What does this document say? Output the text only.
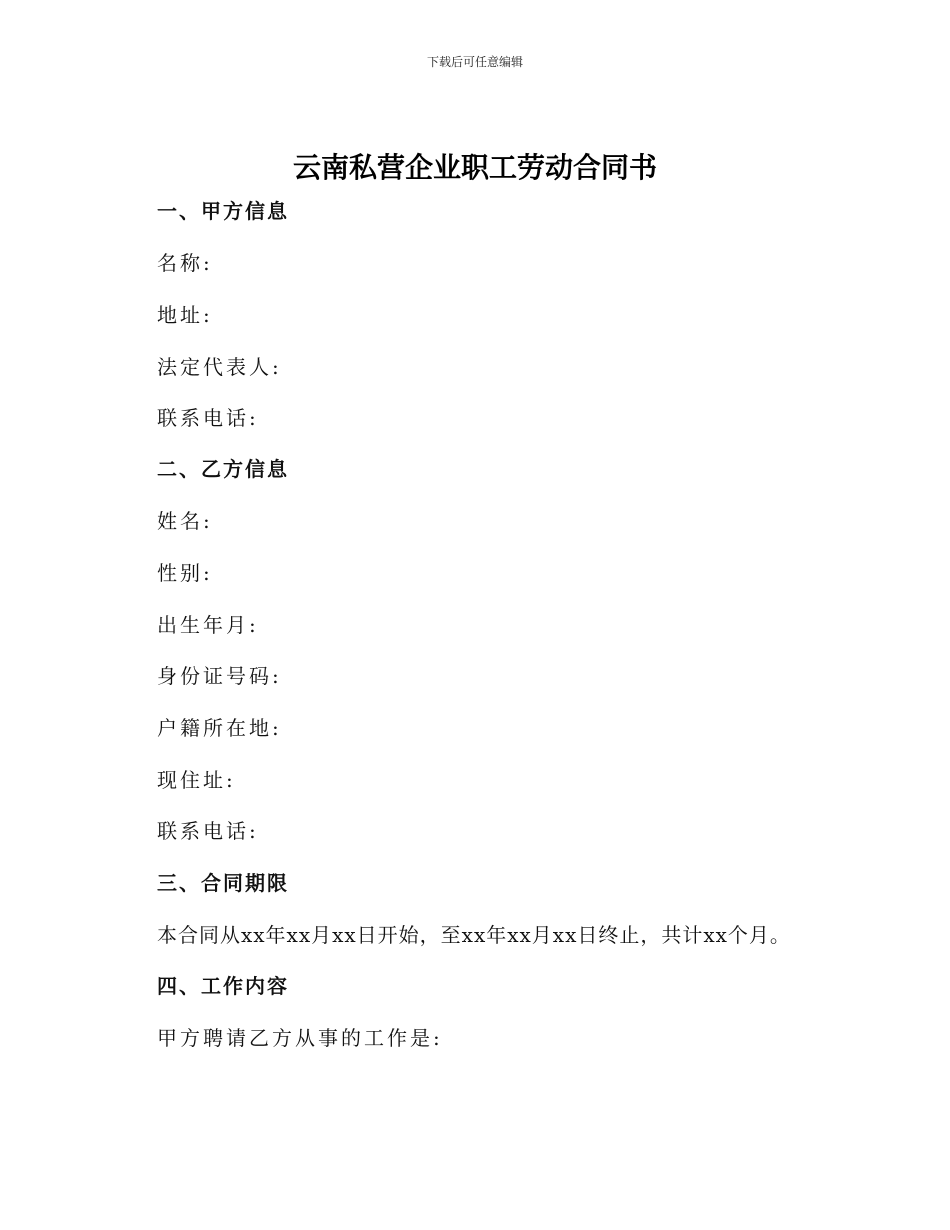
下载后可任意编辑
云南私营企业职工劳动合同书
一、甲方信息
名称:
地址:
法定代表人:
联系电话:
二、乙方信息
姓名:
性别:
出生年月:
身份证号码:
户籍所在地:
现住址:
联系电话:
三、合同期限
本合同从xx年xx月xx日开始，至xx年xx月xx日终止，共计xx个月。
四、工作内容
甲方聘请乙方从事的工作是:
